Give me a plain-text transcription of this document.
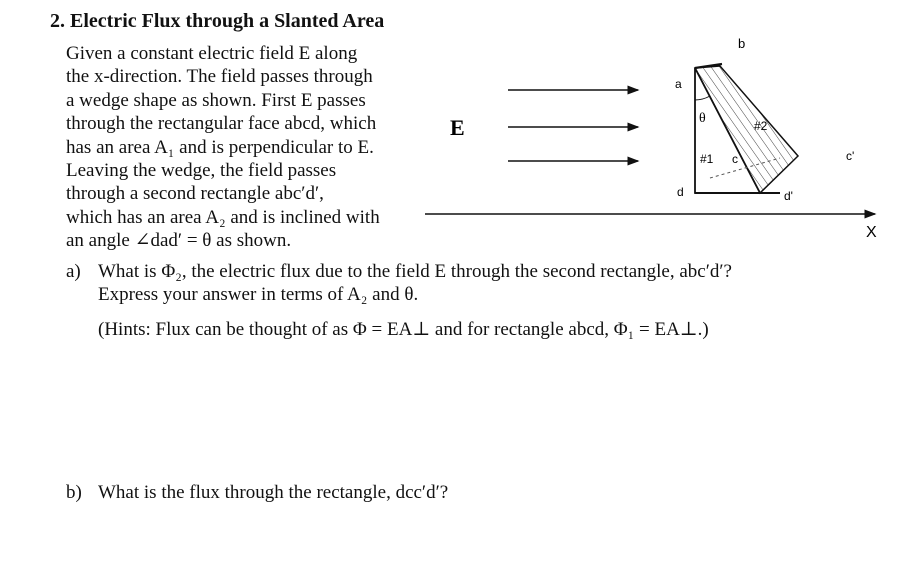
2. Electric Flux through a Slanted Area
Given a constant electric field E along
the x-direction. The field passes through
a wedge shape as shown. First E passes
through the rectangular face abcd, which
has an area A₁ and is perpendicular to E.
Leaving the wedge, the field passes
through a second rectangle abc′d′,
which has an area A₂ and is inclined with
an angle ∠dad′ = θ as shown.
E
X
θ
a
b
d
c	c'
d'
#1
#2
a) What is Φ₂, the electric flux due to the field E through the second rectangle, abc′d′?
Express your answer in terms of A₂ and θ.
(Hints: Flux can be thought of as Φ = EA⊥ and for rectangle abcd, Φ₁ = EA⊥.)
b) What is the flux through the rectangle, dcc′d′?
